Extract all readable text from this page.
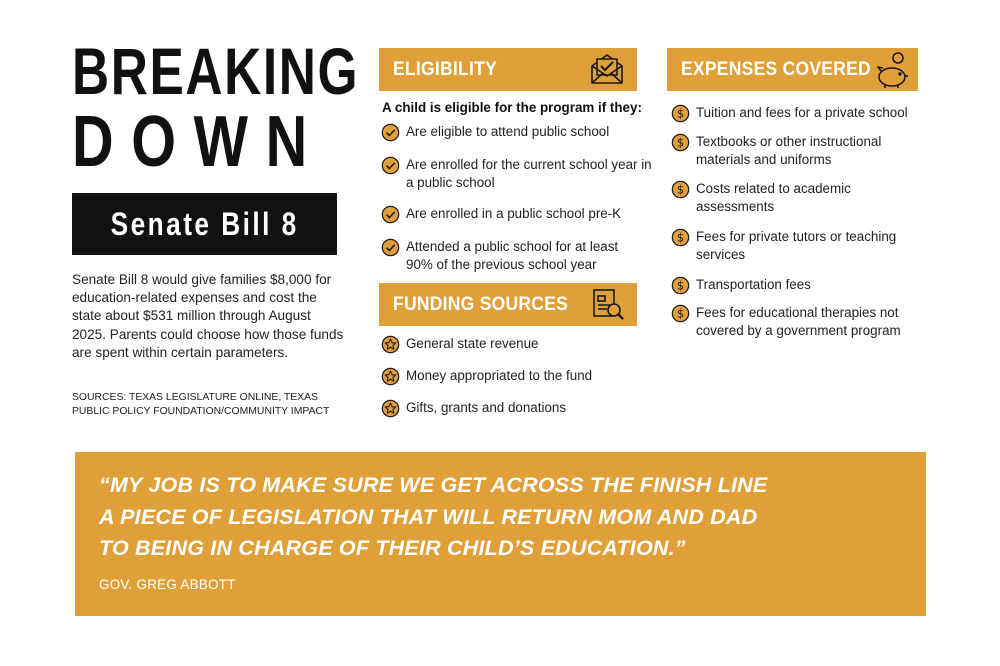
BREAKING
DOWN
Senate Bill 8
Senate Bill 8 would give families $8,000 for education-related expenses and cost the state about $531 million through August 2025. Parents could choose how those funds are spent within certain parameters.
SOURCES: TEXAS LEGISLATURE ONLINE, TEXAS PUBLIC POLICY FOUNDATION/COMMUNITY IMPACT
ELIGIBILITY
A child is eligible for the program if they:
Are eligible to attend public school
Are enrolled for the current school year in a public school
Are enrolled in a public school pre-K
Attended a public school for at least 90% of the previous school year
FUNDING SOURCES
General state revenue
Money appropriated to the fund
Gifts, grants and donations
EXPENSES COVERED
$ Tuition and fees for a private school
$ Textbooks or other instructional materials and uniforms
$ Costs related to academic assessments
$ Fees for private tutors or teaching services
$ Transportation fees
$ Fees for educational therapies not covered by a government program
“MY JOB IS TO MAKE SURE WE GET ACROSS THE FINISH LINE
A PIECE OF LEGISLATION THAT WILL RETURN MOM AND DAD
TO BEING IN CHARGE OF THEIR CHILD’S EDUCATION.”
GOV. GREG ABBOTT
